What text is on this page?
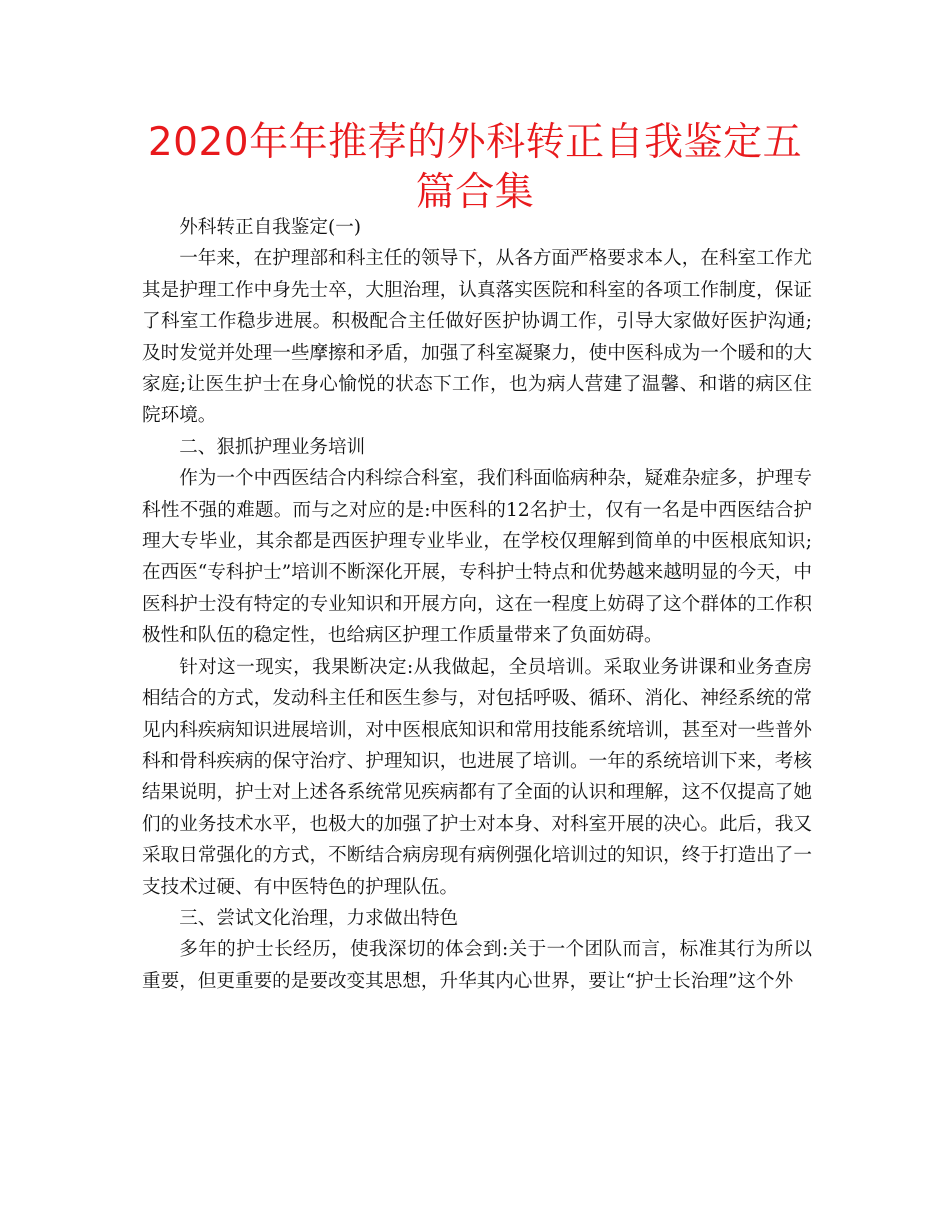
2020年年推荐的外科转正自我鉴定五篇合集

外科转正自我鉴定(一)

一年来，在护理部和科主任的领导下，从各方面严格要求本人，在科室工作尤其是护理工作中身先士卒，大胆治理，认真落实医院和科室的各项工作制度，保证了科室工作稳步进展。积极配合主任做好医护协调工作，引导大家做好医护沟通;及时发觉并处理一些摩擦和矛盾，加强了科室凝聚力，使中医科成为一个暖和的大家庭;让医生护士在身心愉悦的状态下工作，也为病人营建了温馨、和谐的病区住院环境。

二、狠抓护理业务培训

作为一个中西医结合内科综合科室，我们科面临病种杂，疑难杂症多，护理专科性不强的难题。而与之对应的是:中医科的12名护士，仅有一名是中西医结合护理大专毕业，其余都是西医护理专业毕业，在学校仅理解到简单的中医根底知识;在西医“专科护士”培训不断深化开展，专科护士特点和优势越来越明显的今天，中医科护士没有特定的专业知识和开展方向，这在一程度上妨碍了这个群体的工作积极性和队伍的稳定性，也给病区护理工作质量带来了负面妨碍。

针对这一现实，我果断决定:从我做起，全员培训。采取业务讲课和业务查房相结合的方式，发动科主任和医生参与，对包括呼吸、循环、消化、神经系统的常见内科疾病知识进展培训，对中医根底知识和常用技能系统培训，甚至对一些普外科和骨科疾病的保守治疗、护理知识，也进展了培训。一年的系统培训下来，考核结果说明，护士对上述各系统常见疾病都有了全面的认识和理解，这不仅提高了她们的业务技术水平，也极大的加强了护士对本身、对科室开展的决心。此后，我又采取日常强化的方式，不断结合病房现有病例强化培训过的知识，终于打造出了一支技术过硬、有中医特色的护理队伍。

三、尝试文化治理，力求做出特色

多年的护士长经历，使我深切的体会到:关于一个团队而言，标准其行为所以重要，但更重要的是要改变其思想，升华其内心世界，要让“护士长治理”这个外
